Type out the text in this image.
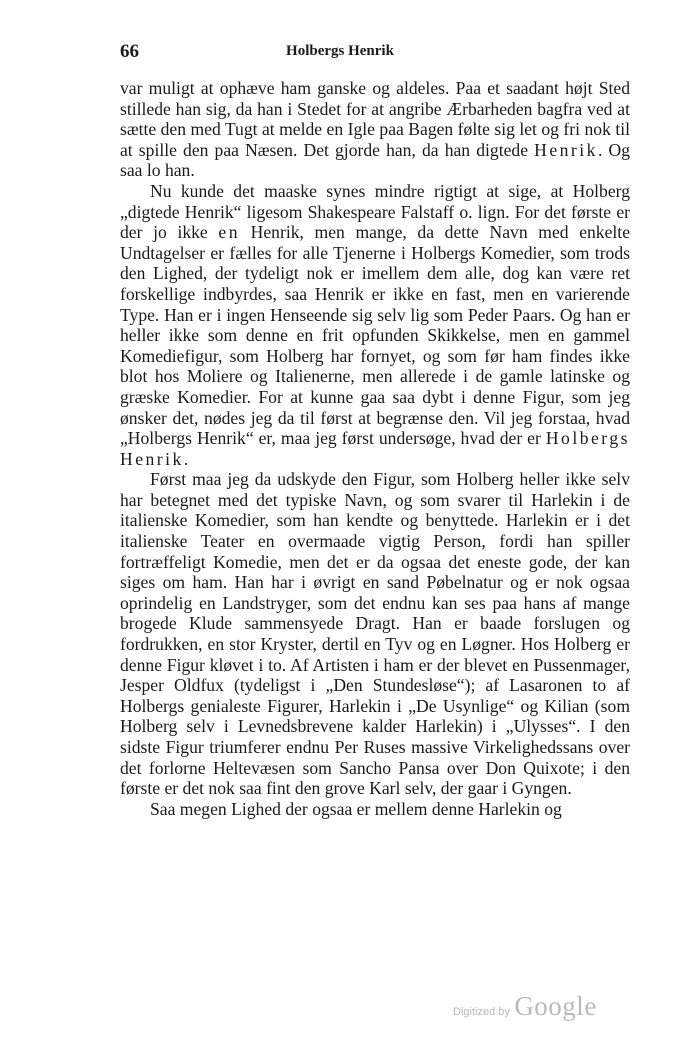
66	Holbergs Henrik

var muligt at ophæve ham ganske og aldeles. Paa et saadant højt Sted stillede han sig, da han i Stedet for at angribe Ærbarheden bagfra ved at sætte den med Tugt at melde en Igle paa Bagen følte sig let og fri nok til at spille den paa Næsen. Det gjorde han, da han digtede Henrik. Og saa lo han.

Nu kunde det maaske synes mindre rigtigt at sige, at Holberg „digtede Henrik“ ligesom Shakespeare Falstaff o. lign. For det første er der jo ikke en Henrik, men mange, da dette Navn med enkelte Undtagelser er fælles for alle Tjenerne i Holbergs Komedier, som trods den Lighed, der tydeligt nok er imellem dem alle, dog kan være ret forskellige indbyrdes, saa Henrik er ikke en fast, men en varierende Type. Han er i ingen Henseende sig selv lig som Peder Paars. Og han er heller ikke som denne en frit opfunden Skikkelse, men en gammel Komediefigur, som Holberg har fornyet, og som før ham findes ikke blot hos Moliere og Italienerne, men allerede i de gamle latinske og græske Komedier. For at kunne gaa saa dybt i denne Figur, som jeg ønsker det, nødes jeg da til først at begrænse den. Vil jeg forstaa, hvad „Holbergs Henrik“ er, maa jeg først undersøge, hvad der er Holbergs Henrik.

Først maa jeg da udskyde den Figur, som Holberg heller ikke selv har betegnet med det typiske Navn, og som svarer til Harlekin i de italienske Komedier, som han kendte og benyttede. Harlekin er i det italienske Teater en overmaade vigtig Person, fordi han spiller fortræffeligt Komedie, men det er da ogsaa det eneste gode, der kan siges om ham. Han har i øvrigt en sand Pøbelnatur og er nok ogsaa oprindelig en Landstryger, som det endnu kan ses paa hans af mange brogede Klude sammensyede Dragt. Han er baade forslugen og fordrukken, en stor Kryster, dertil en Tyv og en Løgner. Hos Holberg er denne Figur kløvet i to. Af Artisten i ham er der blevet en Pussenmager, Jesper Oldfux (tydeligst i „Den Stundesløse“); af Lasaronen to af Holbergs genialeste Figurer, Harlekin i „De Usynlige“ og Kilian (som Holberg selv i Levnedsbrevene kalder Harlekin) i „Ulysses“. I den sidste Figur triumferer endnu Per Ruses massive Virkelighedssans over det forlorne Heltevæsen som Sancho Pansa over Don Quixote; i den første er det nok saa fint den grove Karl selv, der gaar i Gyngen.

Saa megen Lighed der ogsaa er mellem denne Harlekin og

Digitized by Google
